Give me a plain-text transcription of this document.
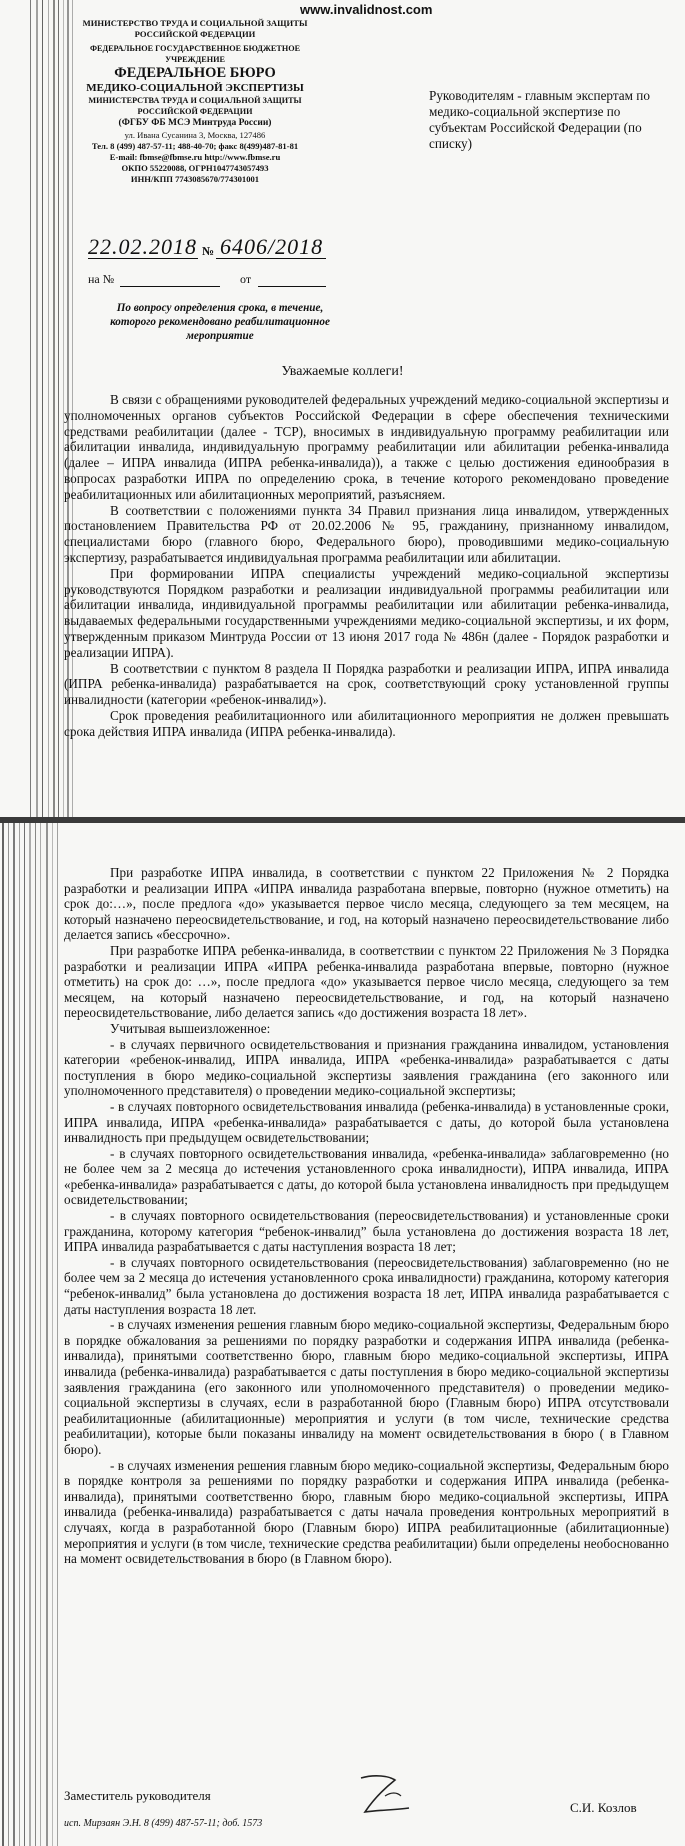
www.invalidnost.com
МИНИСТЕРСТВО ТРУДА И СОЦИАЛЬНОЙ ЗАЩИТЫ
РОССИЙСКОЙ ФЕДЕРАЦИИ
ФЕДЕРАЛЬНОЕ ГОСУДАРСТВЕННОЕ БЮДЖЕТНОЕ
УЧРЕЖДЕНИЕ
ФЕДЕРАЛЬНОЕ БЮРО
МЕДИКО-СОЦИАЛЬНОЙ ЭКСПЕРТИЗЫ
МИНИСТЕРСТВА ТРУДА И СОЦИАЛЬНОЙ ЗАЩИТЫ
РОССИЙСКОЙ ФЕДЕРАЦИИ
(ФГБУ ФБ МСЭ Минтруда России)
ул. Ивана Сусанина 3, Москва, 127486
Тел. 8 (499) 487-57-11; 488-40-70; факс 8(499)487-81-81
E-mail: fbmse@fbmse.ru http://www.fbmse.ru
ОКПО 55220088, ОГРН1047743057493
ИНН/КПП 7743085670/774301001
22.02.2018 № 6406/2018
на №	от
По вопросу определения срока, в течение, которого рекомендовано реабилитационное мероприятие
Руководителям - главным экспертам по медико-социальной экспертизе по субъектам Российской Федерации (по списку)
Уважаемые коллеги!

В связи с обращениями руководителей федеральных учреждений медико-социальной экспертизы и уполномоченных органов субъектов Российской Федерации в сфере обеспечения техническими средствами реабилитации (далее - ТСР), вносимых в индивидуальную программу реабилитации или абилитации инвалида, индивидуальную программу реабилитации или абилитации ребенка-инвалида (далее – ИПРА инвалида (ИПРА ребенка-инвалида)), а также с целью достижения единообразия в вопросах разработки ИПРА по определению срока, в течение которого рекомендовано проведение реабилитационных или абилитационных мероприятий, разъясняем.

В соответствии с положениями пункта 34 Правил признания лица инвалидом, утвержденных постановлением Правительства РФ от 20.02.2006 № 95, гражданину, признанному инвалидом, специалистами бюро (главного бюро, Федерального бюро), проводившими медико-социальную экспертизу, разрабатывается индивидуальная программа реабилитации или абилитации.

При формировании ИПРА специалисты учреждений медико-социальной экспертизы руководствуются Порядком разработки и реализации индивидуальной программы реабилитации или абилитации инвалида, индивидуальной программы реабилитации или абилитации ребенка-инвалида, выдаваемых федеральными государственными учреждениями медико-социальной экспертизы, и их форм, утвержденным приказом Минтруда России от 13 июня 2017 года № 486н (далее - Порядок разработки и реализации ИПРА).

В соответствии с пунктом 8 раздела II Порядка разработки и реализации ИПРА, ИПРА инвалида (ИПРА ребенка-инвалида) разрабатывается на срок, соответствующий сроку установленной группы инвалидности (категории «ребенок-инвалид»).

Срок проведения реабилитационного или абилитационного мероприятия не должен превышать срока действия ИПРА инвалида (ИПРА ребенка-инвалида).

При разработке ИПРА инвалида, в соответствии с пунктом 22 Приложения № 2 Порядка разработки и реализации ИПРА «ИПРА инвалида разработана впервые, повторно (нужное отметить) на срок до:…», после предлога «до» указывается первое число месяца, следующего за тем месяцем, на который назначено переосвидетельствование, и год, на который назначено переосвидетельствование либо делается запись «бессрочно».

При разработке ИПРА ребенка-инвалида, в соответствии с пунктом 22 Приложения № 3 Порядка разработки и реализации ИПРА «ИПРА ребенка-инвалида разработана впервые, повторно (нужное отметить) на срок до: …», после предлога «до» указывается первое число месяца, следующего за тем месяцем, на который назначено переосвидетельствование, и год, на который назначено переосвидетельствование, либо делается запись «до достижения возраста 18 лет».

Учитывая вышеизложенное:

- в случаях первичного освидетельствования и признания гражданина инвалидом, установления категории «ребенок-инвалид, ИПРА инвалида, ИПРА «ребенка-инвалида» разрабатывается с даты поступления в бюро медико-социальной экспертизы заявления гражданина (его законного или уполномоченного представителя) о проведении медико-социальной экспертизы;

- в случаях повторного освидетельствования инвалида (ребенка-инвалида) в установленные сроки, ИПРА инвалида, ИПРА «ребенка-инвалида» разрабатывается с даты, до которой была установлена инвалидность при предыдущем освидетельствовании;

- в случаях повторного освидетельствования инвалида, «ребенка-инвалида» заблаговременно (но не более чем за 2 месяца до истечения установленного срока инвалидности), ИПРА инвалида, ИПРА «ребенка-инвалида» разрабатывается с даты, до которой была установлена инвалидность при предыдущем освидетельствовании;

- в случаях повторного освидетельствования (переосвидетельствования) и установленные сроки гражданина, которому категория “ребенок-инвалид” была установлена до достижения возраста 18 лет, ИПРА инвалида разрабатывается с даты наступления возраста 18 лет;

- в случаях повторного освидетельствования (переосвидетельствования) заблаговременно (но не более чем за 2 месяца до истечения установленного срока инвалидности) гражданина, которому категория “ребенок-инвалид” была установлена до достижения возраста 18 лет, ИПРА инвалида разрабатывается с даты наступления возраста 18 лет.

- в случаях изменения решения главным бюро медико-социальной экспертизы, Федеральным бюро в порядке обжалования за решениями по порядку разработки и содержания ИПРА инвалида (ребенка-инвалида), принятыми соответственно бюро, главным бюро медико-социальной экспертизы, ИПРА инвалида (ребенка-инвалида) разрабатывается с даты поступления в бюро медико-социальной экспертизы заявления гражданина (его законного или уполномоченного представителя) о проведении медико-социальной экспертизы в случаях, если в разработанной бюро (Главным бюро) ИПРА отсутствовали реабилитационные (абилитационные) мероприятия и услуги (в том числе, технические средства реабилитации), которые были показаны инвалиду на момент освидетельствования в бюро ( в Главном бюро).

- в случаях изменения решения главным бюро медико-социальной экспертизы, Федеральным бюро в порядке контроля за решениями по порядку разработки и содержания ИПРА инвалида (ребенка-инвалида), принятыми соответственно бюро, главным бюро медико-социальной экспертизы, ИПРА инвалида (ребенка-инвалида) разрабатывается с даты начала проведения контрольных мероприятий в случаях, когда в разработанной бюро (Главным бюро) ИПРА реабилитационные (абилитационные) мероприятия и услуги (в том числе, технические средства реабилитации) были определены необоснованно на момент освидетельствования в бюро (в Главном бюро).

Заместитель руководителя
С.И. Козлов
исп. Мирзаян Э.Н. 8 (499) 487-57-11; доб. 1573
